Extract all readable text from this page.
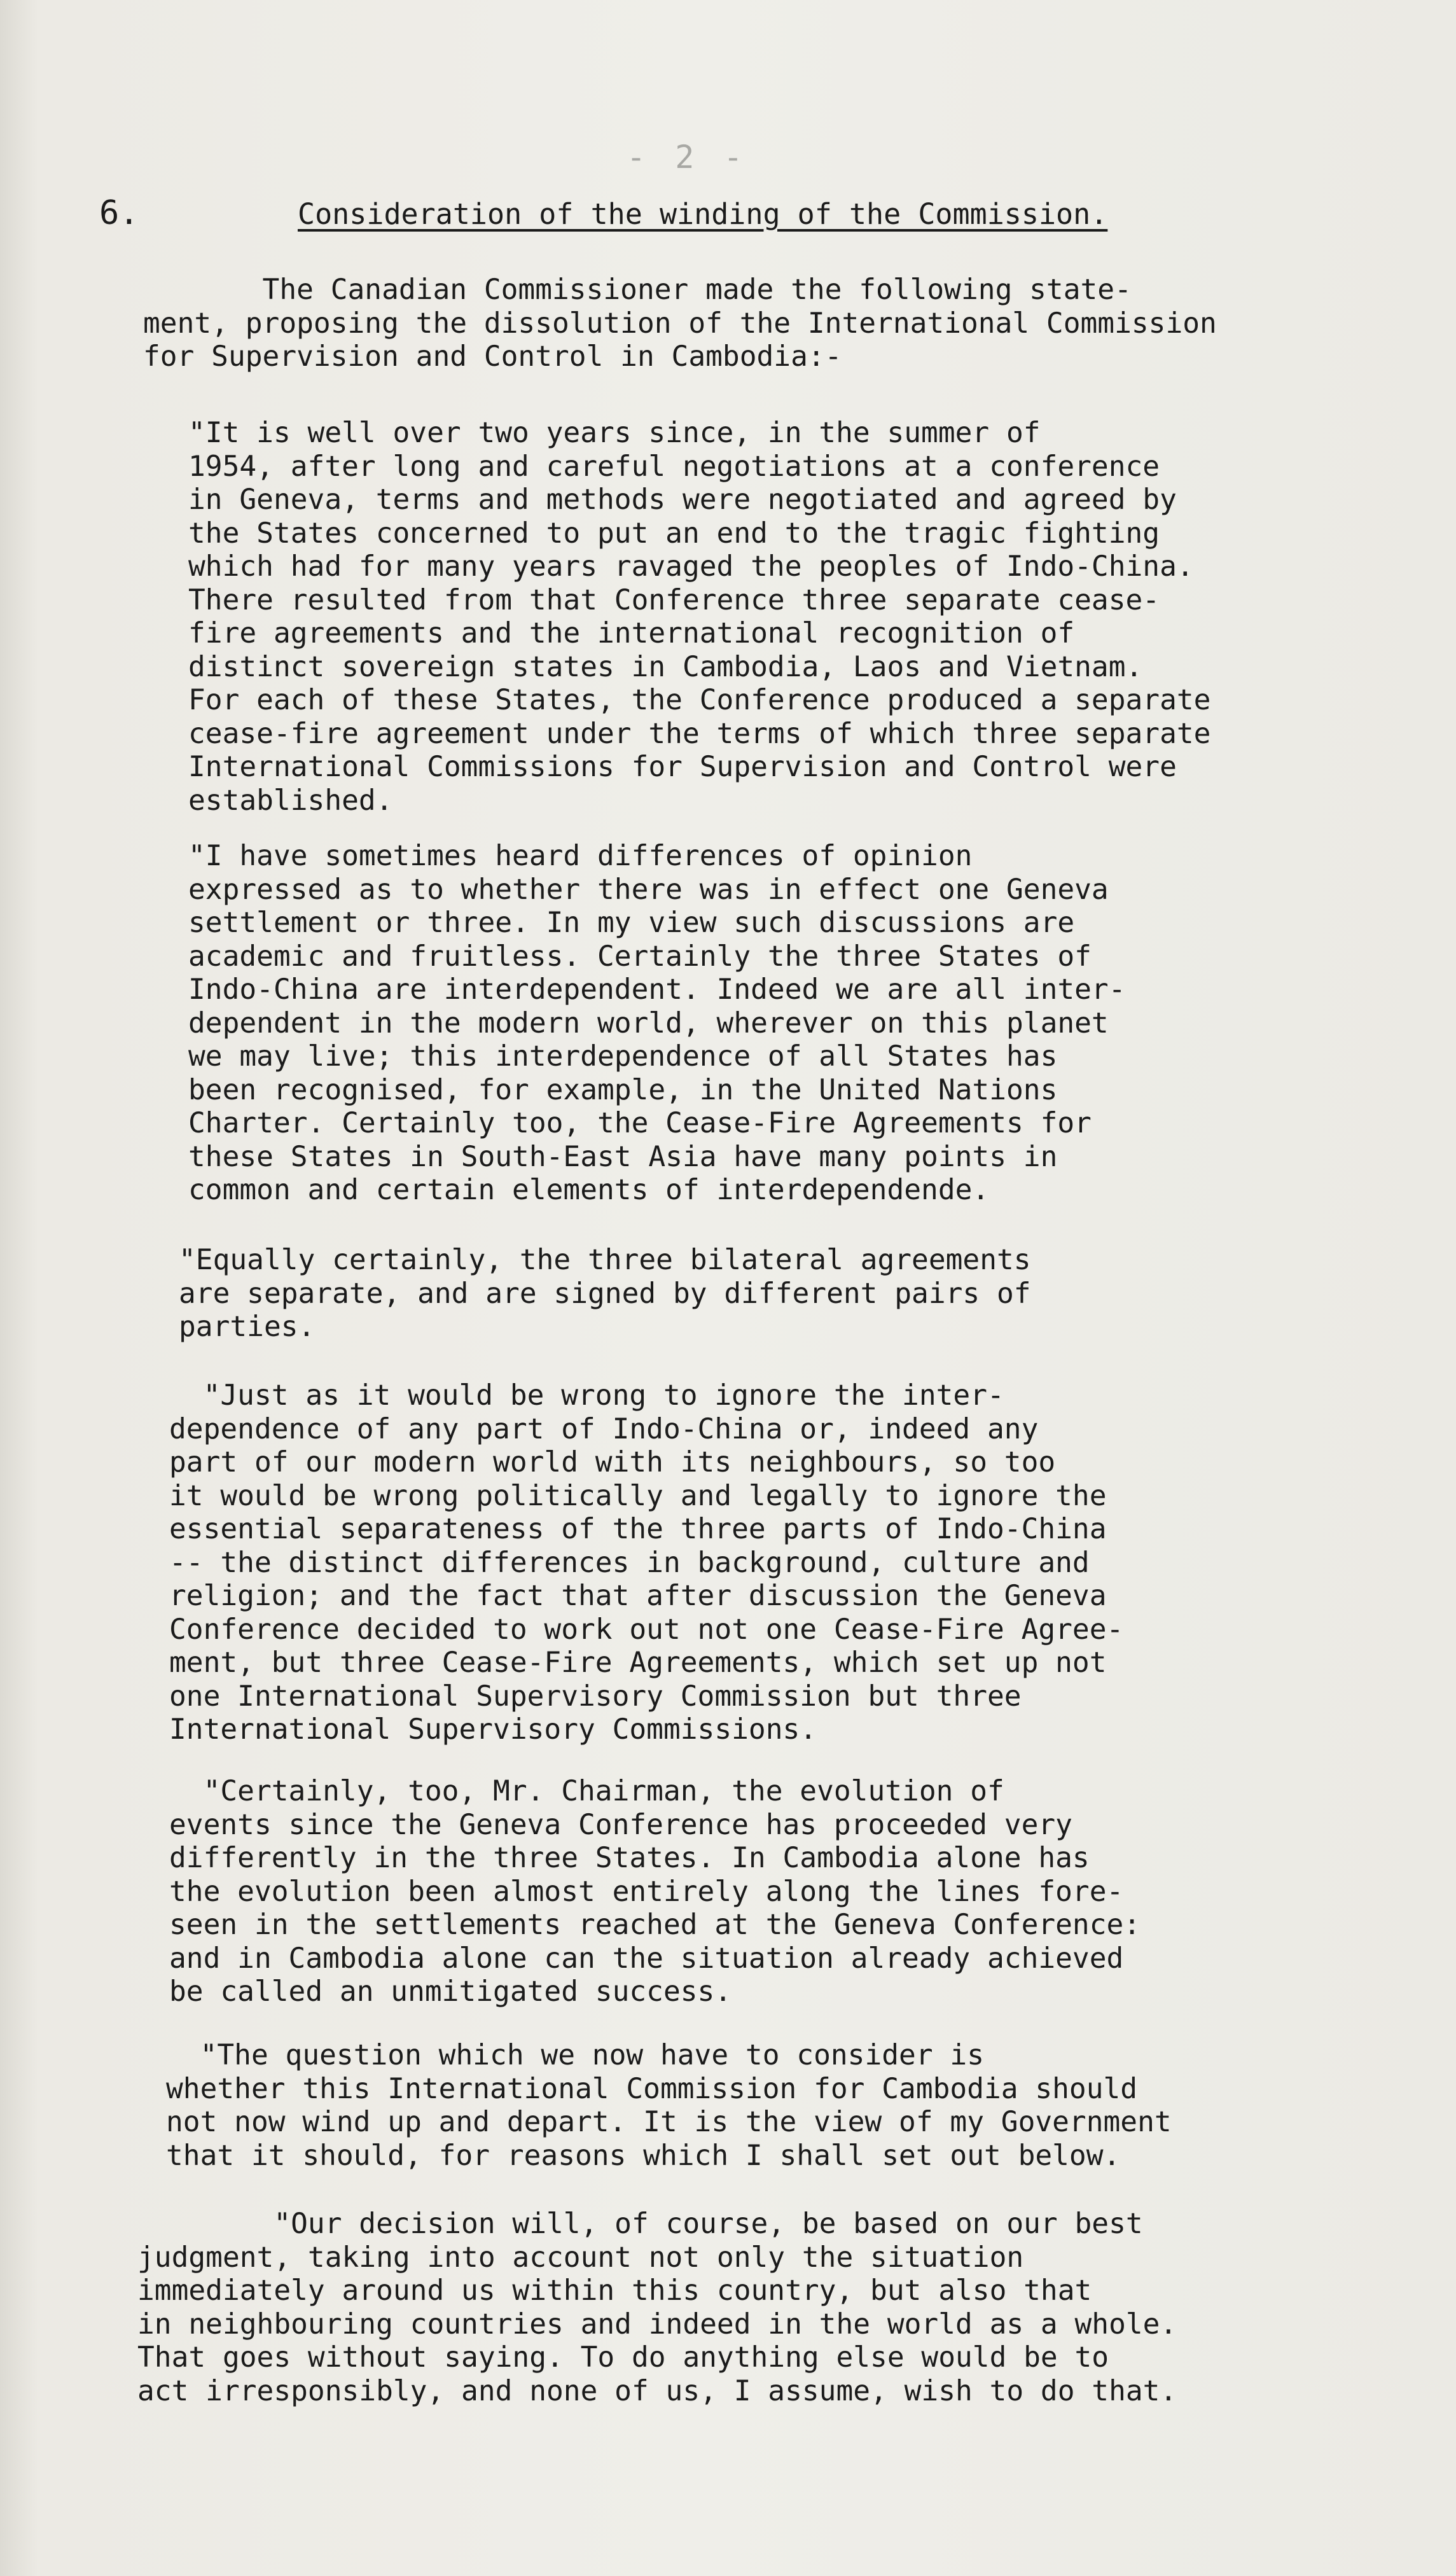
- 2 -
6.	Consideration of the winding of the Commission.

The Canadian Commissioner made the following state-
ment, proposing the dissolution of the International Commission
for Supervision and Control in Cambodia:-

"It is well over two years since, in the summer of
1954, after long and careful negotiations at a conference
in Geneva, terms and methods were negotiated and agreed by
the States concerned to put an end to the tragic fighting
which had for many years ravaged the peoples of Indo-China.
There resulted from that Conference three separate cease-
fire agreements and the international recognition of
distinct sovereign states in Cambodia, Laos and Vietnam.
For each of these States, the Conference produced a separate
cease-fire agreement under the terms of which three separate
International Commissions for Supervision and Control were
established.

"I have sometimes heard differences of opinion
expressed as to whether there was in effect one Geneva
settlement or three. In my view such discussions are
academic and fruitless. Certainly the three States of
Indo-China are interdependent. Indeed we are all inter-
dependent in the modern world, wherever on this planet
we may live; this interdependence of all States has
been recognised, for example, in the United Nations
Charter. Certainly too, the Cease-Fire Agreements for
these States in South-East Asia have many points in
common and certain elements of interdependende.

"Equally certainly, the three bilateral agreements
are separate, and are signed by different pairs of
parties.

"Just as it would be wrong to ignore the inter-
dependence of any part of Indo-China or, indeed any
part of our modern world with its neighbours, so too
it would be wrong politically and legally to ignore the
essential separateness of the three parts of Indo-China
-- the distinct differences in background, culture and
religion; and the fact that after discussion the Geneva
Conference decided to work out not one Cease-Fire Agree-
ment, but three Cease-Fire Agreements, which set up not
one International Supervisory Commission but three
International Supervisory Commissions.

"Certainly, too, Mr. Chairman, the evolution of
events since the Geneva Conference has proceeded very
differently in the three States. In Cambodia alone has
the evolution been almost entirely along the lines fore-
seen in the settlements reached at the Geneva Conference:
and in Cambodia alone can the situation already achieved
be called an unmitigated success.

"The question which we now have to consider is
whether this International Commission for Cambodia should
not now wind up and depart. It is the view of my Government
that it should, for reasons which I shall set out below.

"Our decision will, of course, be based on our best
judgment, taking into account not only the situation
immediately around us within this country, but also that
in neighbouring countries and indeed in the world as a whole.
That goes without saying. To do anything else would be to
act irresponsibly, and none of us, I assume, wish to do that.
